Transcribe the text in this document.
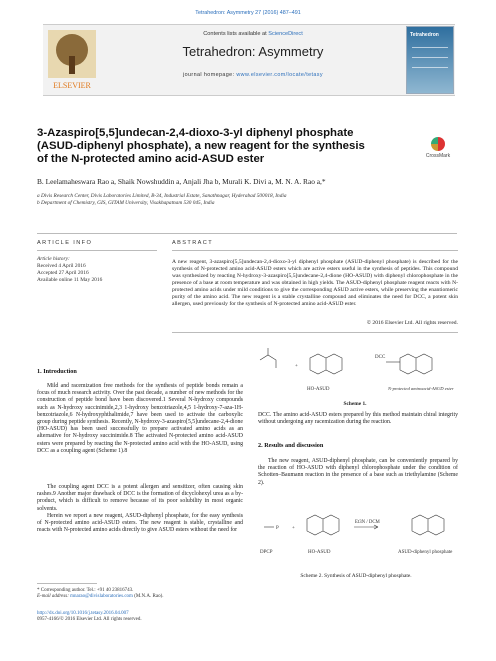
Tetrahedron: Asymmetry 27 (2016) 487–491
ELSEVIER
Contents lists available at ScienceDirect
Tetrahedron: Asymmetry
journal homepage: www.elsevier.com/locate/tetasy
Tetrahedron
3-Azaspiro[5,5]undecan-2,4-dioxo-3-yl diphenyl phosphate
(ASUD-diphenyl phosphate), a new reagent for the synthesis
of the N-protected amino acid-ASUD ester	CrossMark
B. Leelamaheswara Rao a, Shaik Nowshuddin a, Anjali Jha b, Murali K. Divi a, M. N. A. Rao a,*
a Divis Research Center, Divis Laboratories Limited, B-34, Industrial Estate, Sanathnagar, Hyderabad 500018, India
b Department of Chemistry, GIS, GITAM University, Visakhapatnam 530 045, India
ARTICLE INFO
Article history:
Received 4 April 2016
Accepted 27 April 2016
Available online 11 May 2016
ABSTRACT
A new reagent, 3-azaspiro[5,5]undecan-2,4-dioxo-3-yl diphenyl phosphate (ASUD-diphenyl phosphate) is described for the synthesis of N-protected amino acid-ASUD esters which are active esters useful in the synthesis of peptides. This compound was synthesized by reacting N-hydroxy-3-azaspiro[5,5]undecane-2,4-dione (HO-ASUD) with diphenyl chlorophosphate in the presence of a base at room temperature and was obtained in high yields. The ASUD-diphenyl phosphate reagent reacts with N-protected amino acids under mild conditions to give the corresponding ASUD active esters, while preserving the enantiomeric purity of the amino acid. The new reagent is a stable crystalline compound and eliminates the need for DCC, a potent skin allergen, used previously for the synthesis of N-protected amino acid-ASUD ester.
© 2016 Elsevier Ltd. All rights reserved.
1. Introduction
Mild and racemization free methods for the synthesis of peptide bonds remain a focus of much research activity. Over the past decade, a number of new methods for the construction of peptide bond have been discovered.1 Several N-hydroxy compounds such as N-hydroxy succinimide,2,3 1-hydroxy benzotriazole,4,5 1-hydroxy-7-aza-1H-benzotriazole,6 N-hydroxyphthalimide,7 have been used to activate the carboxylic group during peptide synthesis. Recently, N-hydroxy-3-azaspiro[5,5]undecane-2,4-dione (HO-ASUD) has been used successfully to prepare activated amino acids as an alternative for N-hydroxy succinimide.8 The activated N-protected amino acid-ASUD esters were prepared by reacting the N-protected amino acid with the HO-ASUD, using DCC as a coupling agent (Scheme 1).8
The coupling agent DCC is a potent allergen and sensitizer, often causing skin rashes.9 Another major drawback of DCC is the formation of dicyclohexyl urea as a by-product, which is difficult to remove because of its poor solubility in most organic solvents.
Herein we report a new reagent, ASUD-diphenyl phosphate, for the easy synthesis of N-protected amino acid-ASUD esters. The new reagent is stable, crystalline and reacts with N-protected amino acids directly to give ASUD esters without the need for
+
HO-ASUD
DCC
N-protected aminoacid-ASUD ester
Scheme 1.
DCC. The amino acid-ASUD esters prepared by this method maintain chiral integrity without undergoing any racemization during the reaction.
2. Results and discussion
The new reagent, ASUD-diphenyl phosphate, can be conveniently prepared by the reaction of HO-ASUD with diphenyl chlorophosphate under the condition of Schotten–Baumann reaction in the presence of a base such as triethylamine (Scheme 2).
P	+
DPCP	HO-ASUD
Et3N / DCM
ASUD-diphenyl phosphate
Scheme 2. Synthesis of ASUD-diphenyl phosphate.
* Corresponding author. Tel.: +91 40 23816743.
E-mail address: mnarao@divislaboratories.com (M.N.A. Rao).
http://dx.doi.org/10.1016/j.tetasy.2016.04.007
0957-4166/© 2016 Elsevier Ltd. All rights reserved.
